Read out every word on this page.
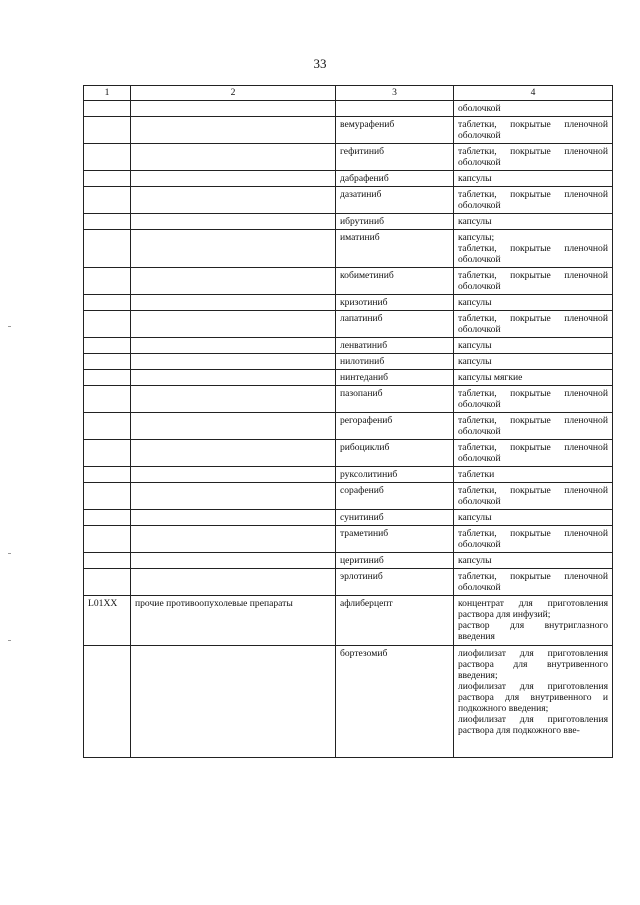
33
1	2	3	4

			оболочкой

		вемурафениб	таблетки, покрытые пленочной оболочкой

		гефитиниб	таблетки, покрытые пленочной оболочкой

		дабрафениб	капсулы

		дазатиниб	таблетки, покрытые пленочной оболочкой

		ибрутиниб	капсулы

		иматиниб	капсулы;
таблетки, покрытые пленочной оболочкой

		кобиметиниб	таблетки, покрытые пленочной оболочкой

		кризотиниб	капсулы

		лапатиниб	таблетки, покрытые пленочной оболочкой

		ленватиниб	капсулы

		нилотиниб	капсулы

		нинтеданиб	капсулы мягкие

		пазопаниб	таблетки, покрытые пленочной оболочкой

		регорафениб	таблетки, покрытые пленочной оболочкой

		рибоциклиб	таблетки, покрытые пленочной оболочкой

		руксолитиниб	таблетки

		сорафениб	таблетки, покрытые пленочной оболочкой

		сунитиниб	капсулы

		траметиниб	таблетки, покрытые пленочной оболочкой

		церитиниб	капсулы

		эрлотиниб	таблетки, покрытые пленочной оболочкой

L01XX	прочие противоопухолевые препараты	афлиберцепт	концентрат для приготовления раствора для инфузий;
раствор для внутриглазного введения

		бортезомиб	лиофилизат для приготовления раствора для внутривенного введения;
лиофилизат для приготовления раствора для внутривенного и подкожного введения;
лиофилизат для приготовления раствора для подкожного вве-
